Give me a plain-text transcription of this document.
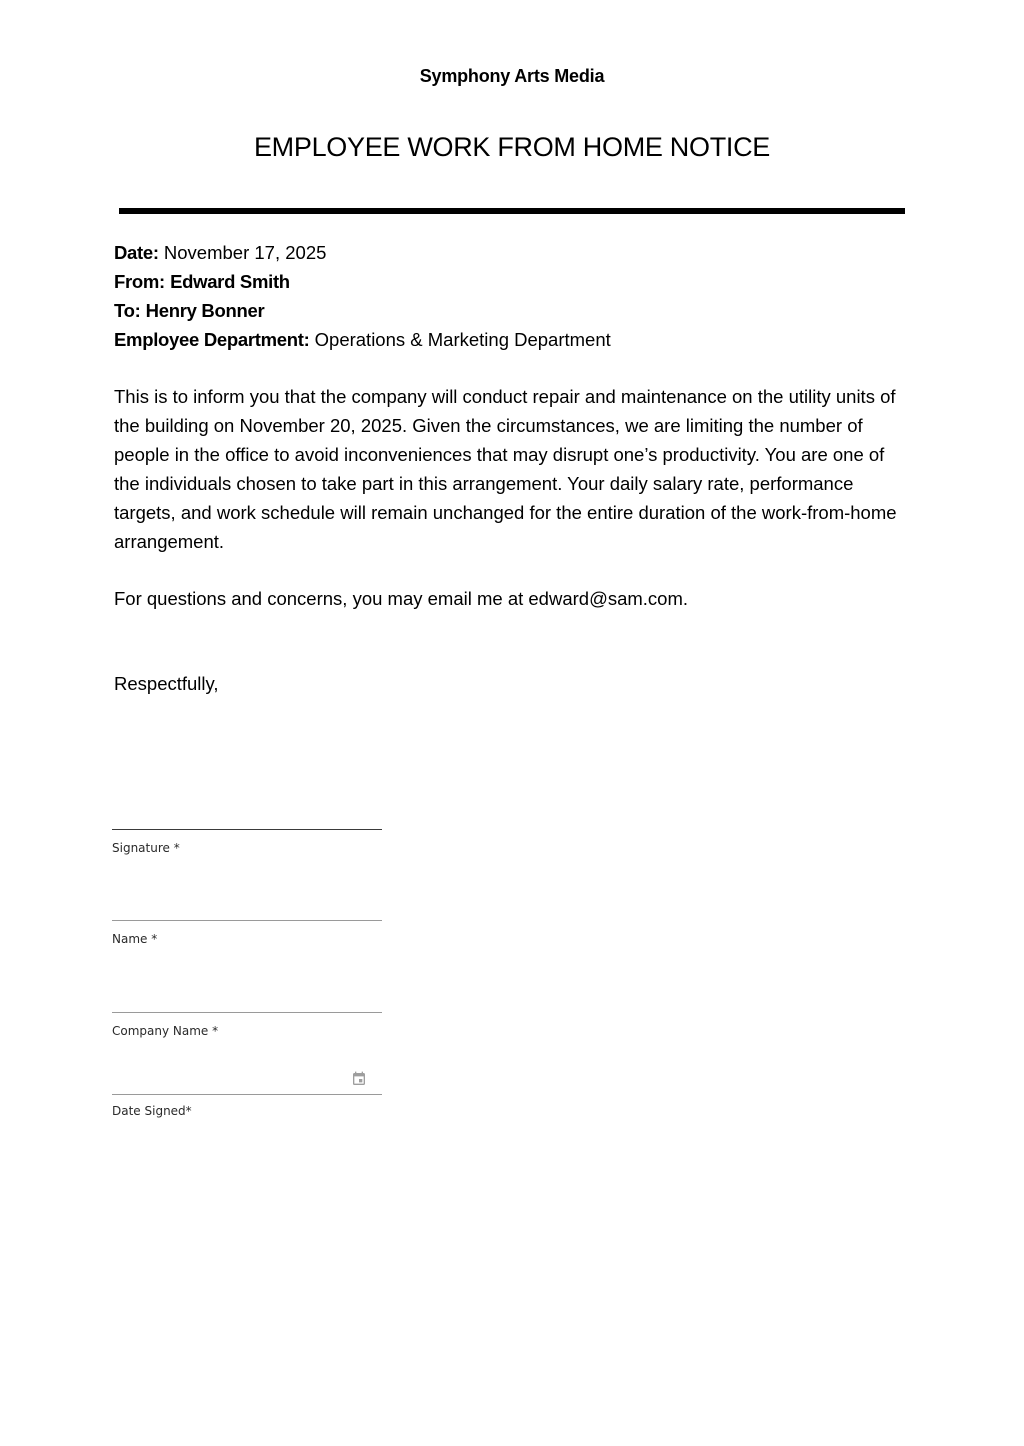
Symphony Arts Media
EMPLOYEE WORK FROM HOME NOTICE
Date: November 17, 2025
From: Edward Smith
To: Henry Bonner
Employee Department: Operations & Marketing Department

This is to inform you that the company will conduct repair and maintenance on the utility units of the building on November 20, 2025. Given the circumstances, we are limiting the number of people in the office to avoid inconveniences that may disrupt one’s productivity. You are one of the individuals chosen to take part in this arrangement. Your daily salary rate, performance targets, and work schedule will remain unchanged for the entire duration of the work-from-home arrangement.

For questions and concerns, you may email me at edward@sam.com.

Respectfully,

Signature *
Name *
Company Name *
Date Signed*
